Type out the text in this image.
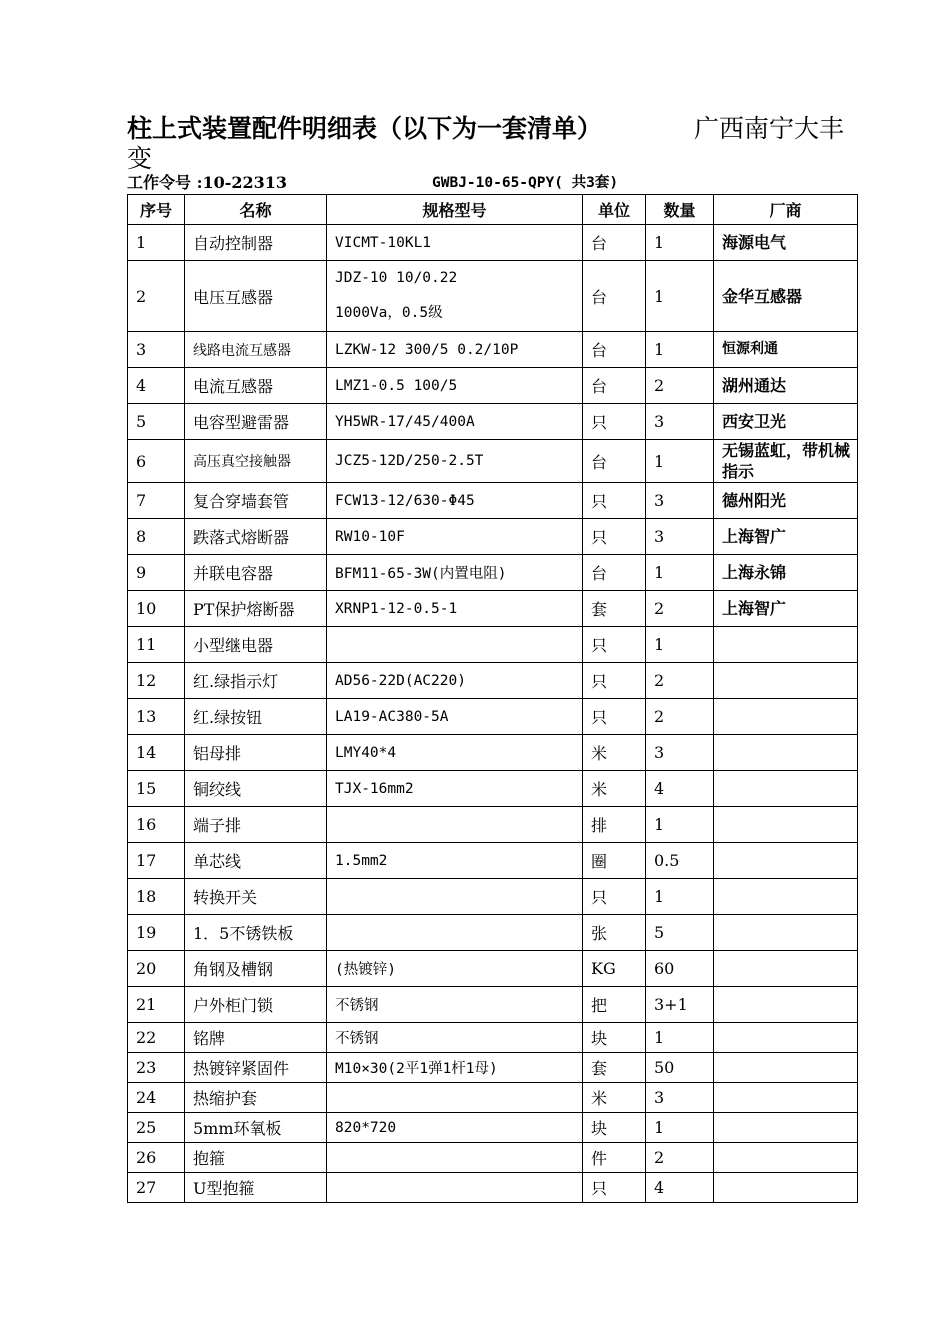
柱上式装置配件明细表（以下为一套清单）	广西南宁大丰
变
工作令号 :10-22313	GWBJ-10-65-QPY( 共3套)
序号	名称	规格型号	单位	数量	厂商
1	自动控制器	VICMT-10KL1	台	1	海源电气
2	电压互感器	JDZ-10 10/0.22
1000Va，0.5级	台	1	金华互感器
3	线路电流互感器	LZKW-12 300/5 0.2/10P	台	1	恒源利通
4	电流互感器	LMZ1-0.5 100/5	台	2	湖州通达
5	电容型避雷器	YH5WR-17/45/400A	只	3	西安卫光
6	高压真空接触器	JCZ5-12D/250-2.5T	台	1	无锡蓝虹，带机械指示
7	复合穿墙套管	FCW13-12/630-Φ45	只	3	德州阳光
8	跌落式熔断器	RW10-10F	只	3	上海智广
9	并联电容器	BFM11-65-3W(内置电阻)	台	1	上海永锦
10	PT保护熔断器	XRNP1-12-0.5-1	套	2	上海智广
11	小型继电器		只	1	
12	红.绿指示灯	AD56-22D(AC220)	只	2	
13	红.绿按钮	LA19-AC380-5A	只	2	
14	铝母排	LMY40*4	米	3	
15	铜绞线	TJX-16mm2	米	4	
16	端子排		排	1	
17	单芯线	1.5mm2	圈	0.5	
18	转换开关		只	1	
19	1．5不锈铁板		张	5	
20	角钢及槽钢	(热镀锌)	KG	60	
21	户外柜门锁	不锈钢	把	3+1	
22	铭牌	不锈钢	块	1	
23	热镀锌紧固件	M10×30(2平1弹1杆1母)	套	50	
24	热缩护套		米	3	
25	5mm环氧板	820*720	块	1	
26	抱箍		件	2	
27	U型抱箍		只	4	
